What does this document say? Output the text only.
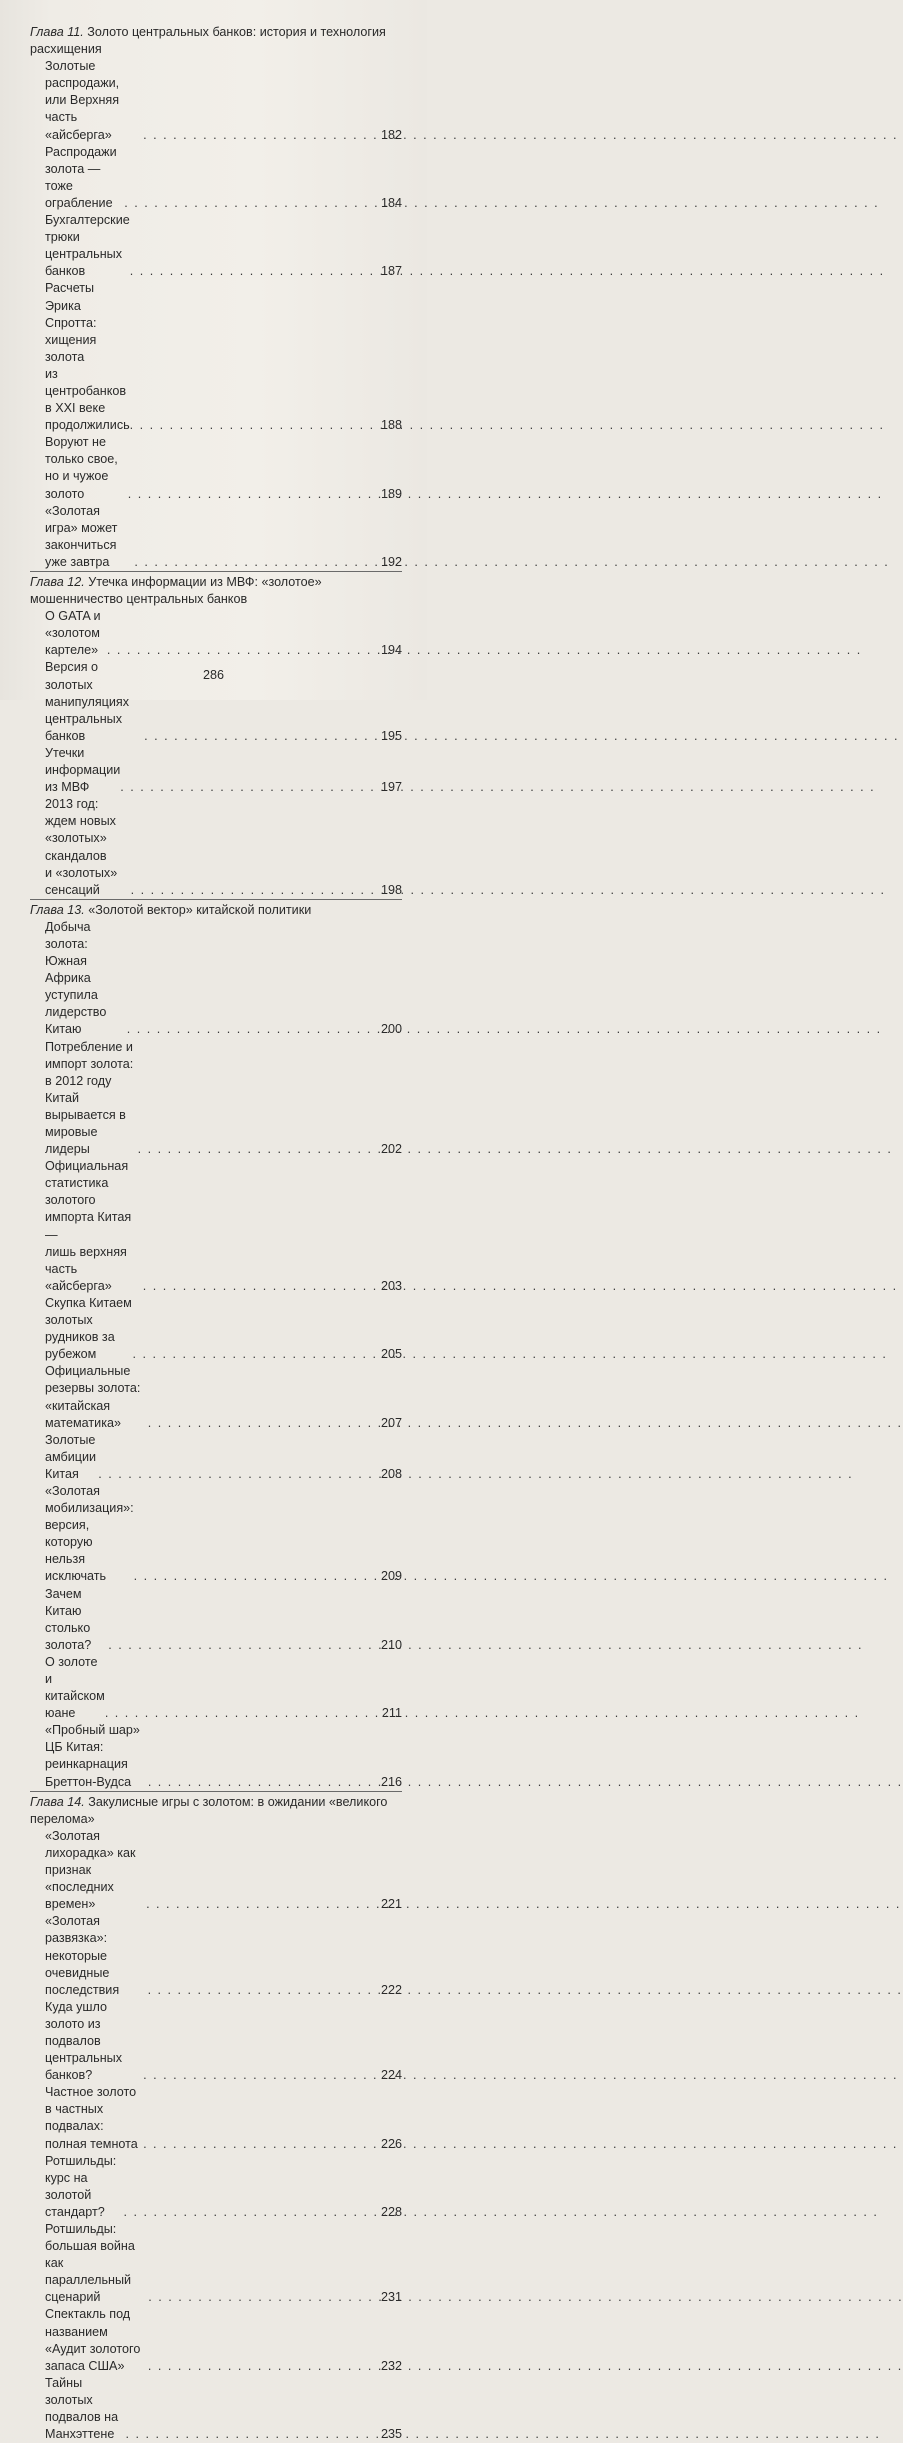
Глава 11. Золото центральных банков: история и технология расхищения

Золотые распродажи, или Верхняя часть «айсберга» . . .	182
Распродажи золота — тоже ограбление . . .	184
Бухгалтерские трюки центральных банков . . .	187
Расчеты Эрика Спротта: хищения золота
из центробанков в XXI веке продолжились . . .	188
Воруют не только свое, но и чужое золото . . .	189
«Золотая игра» может закончиться уже завтра . . .	192

Глава 12. Утечка информации из МВФ: «золотое» мошенничество центральных банков

О GATA и «золотом картеле» . . .	194
Версия о золотых манипуляциях центральных банков . . .	195
Утечки информации из МВФ . . .	197
2013 год: ждем новых «золотых» скандалов
и «золотых» сенсаций . . .	198

Глава 13. «Золотой вектор» китайской политики

Добыча золота: Южная Африка уступила
лидерство Китаю . . .	200
Потребление и импорт золота: в 2012 году Китай
вырывается в мировые лидеры . . .	202
Официальная статистика золотого импорта Китая —
лишь верхняя часть «айсберга» . . .	203
Скупка Китаем золотых рудников за рубежом . . .	205
Официальные резервы золота: «китайская математика» . . .	207
Золотые амбиции Китая . . .	208
«Золотая мобилизация»: версия, которую
нельзя исключать . . .	209
Зачем Китаю столько золота? . . .	210
О золоте и китайском юане . . .	211
«Пробный шар» ЦБ Китая: реинкарнация Бреттон-Вудса . . .	216

Глава 14. Закулисные игры с золотом: в ожидании «великого перелома»

«Золотая лихорадка» как признак «последних времен» . . .	221
«Золотая развязка»: некоторые очевидные последствия . . .	222
Куда ушло золото из подвалов центральных банков? . . .	224
Частное золото в частных подвалах: полная темнота . . .	226
Ротшильды: курс на золотой стандарт? . . .	228
Ротшильды: большая война как параллельный сценарий . . .	231
Спектакль под названием «Аудит золотого запаса США» . . .	232
Тайны золотых подвалов на Манхэттене . . .	235
286
